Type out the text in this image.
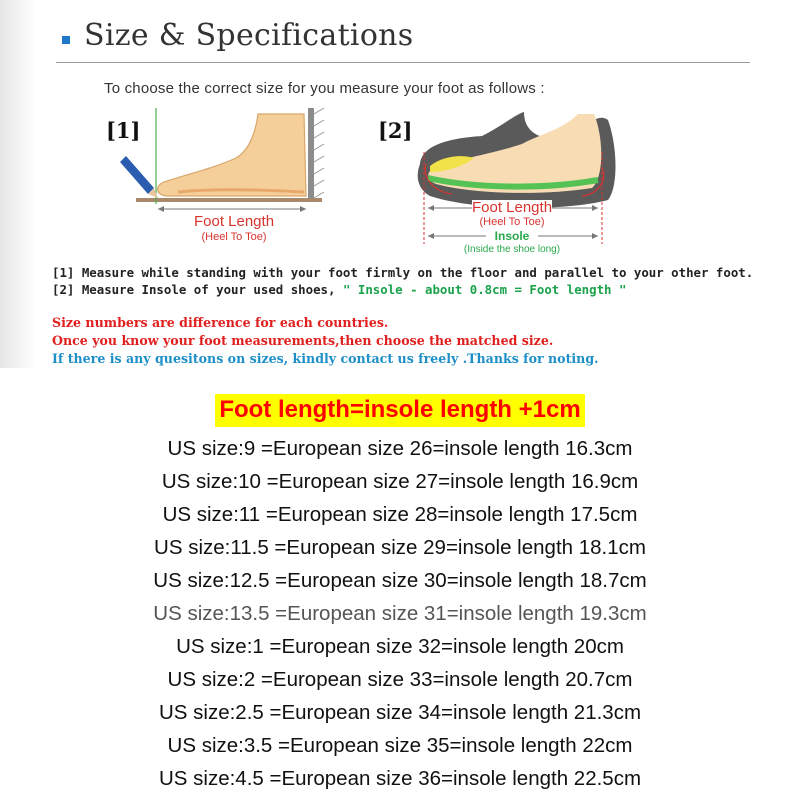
Size & Specifications
To choose the correct size for you measure your foot as follows :
[1]
Foot Length
(Heel To Toe)
[2]
Foot Length
(Heel To Toe)
Insole
(Inside the shoe long)
[1] Measure while standing with your foot firmly on the floor and parallel to your other foot.
[2] Measure Insole of your used shoes, " Insole - about 0.8cm = Foot length "
Size numbers are difference for each countries.
Once you know your foot measurements,then choose the matched size.
If there is any quesitons on sizes, kindly contact us freely .Thanks for noting.
Foot length=insole length +1cm
US size:9 =European size 26=insole length 16.3cm
US size:10 =European size 27=insole length 16.9cm
US size:11 =European size 28=insole length 17.5cm
US size:11.5 =European size 29=insole length 18.1cm
US size:12.5 =European size 30=insole length 18.7cm
US size:13.5 =European size 31=insole length 19.3cm
US size:1 =European size 32=insole length 20cm
US size:2 =European size 33=insole length 20.7cm
US size:2.5 =European size 34=insole length 21.3cm
US size:3.5 =European size 35=insole length 22cm
US size:4.5 =European size 36=insole length 22.5cm
